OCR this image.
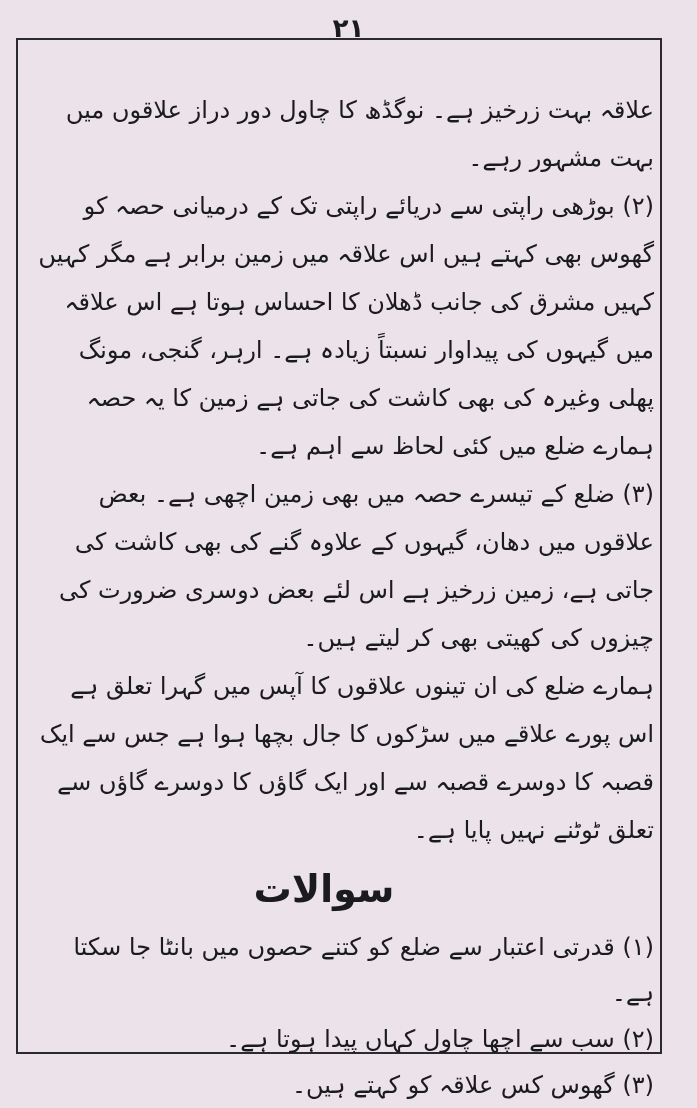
۲۱

علاقہ بہت زرخیز ہے۔ نوگڈھ کا چاول دور دراز علاقوں میں بہت مشہور رہے۔

(۲) بوڑھی راپتی سے دریائے راپتی تک کے درمیانی حصہ کو گھوس بھی کہتے ہیں اس علاقہ میں زمین برابر ہے مگر کہیں کہیں مشرق کی جانب ڈھلان کا احساس ہوتا ہے اس علاقہ میں گیہوں کی پیداوار نسبتاً زیادہ ہے۔ ارہر، گنجی، مونگ پھلی وغیرہ کی بھی کاشت کی جاتی ہے زمین کا یہ حصہ ہمارے ضلع میں کئی لحاظ سے اہم ہے۔

(۳) ضلع کے تیسرے حصہ میں بھی زمین اچھی ہے۔ بعض علاقوں میں دھان، گیہوں کے علاوہ گنے کی بھی کاشت کی جاتی ہے، زمین زرخیز ہے اس لئے بعض دوسری ضرورت کی چیزوں کی کھیتی بھی کر لیتے ہیں۔

ہمارے ضلع کی ان تینوں علاقوں کا آپس میں گہرا تعلق ہے اس پورے علاقے میں سڑکوں کا جال بچھا ہوا ہے جس سے ایک قصبہ کا دوسرے قصبہ سے اور ایک گاؤں کا دوسرے گاؤں سے تعلق ٹوٹنے نہیں پایا ہے۔

سوالات

(۱) قدرتی اعتبار سے ضلع کو کتنے حصوں میں بانٹا جا سکتا ہے۔

(۲) سب سے اچھا چاول کہاں پیدا ہوتا ہے۔

(۳) گھوس کس علاقہ کو کہتے ہیں۔
